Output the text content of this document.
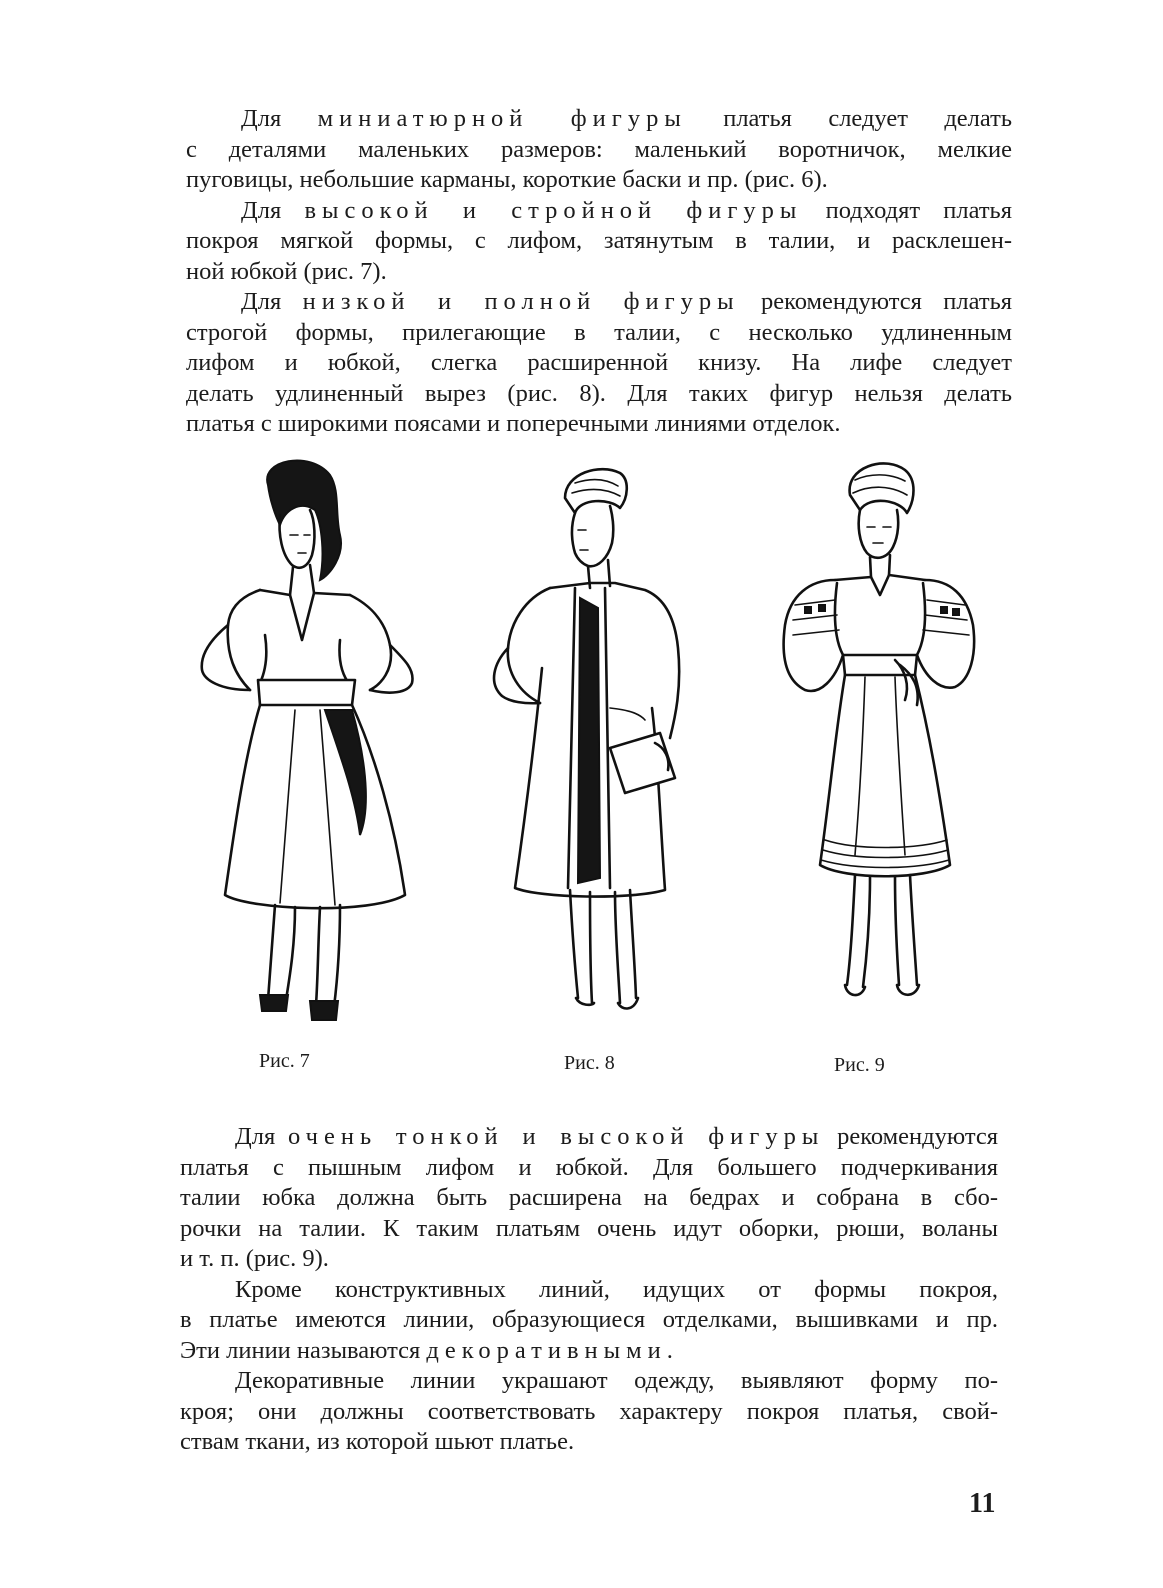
Для миниатюрной фигуры платья следует делать
с деталями маленьких размеров: маленький воротничок, мелкие
пуговицы, небольшие карманы, короткие баски и пр. (рис. 6).

Для высокой и стройной фигуры подходят платья
покроя мягкой формы, с лифом, затянутым в талии, и расклешен-
ной юбкой (рис. 7).

Для низкой и полной фигуры рекомендуются платья
строгой формы, прилегающие в талии, с несколько удлиненным
лифом и юбкой, слегка расширенной книзу. На лифе следует
делать удлиненный вырез (рис. 8). Для таких фигур нельзя делать
платья с широкими поясами и поперечными линиями отделок.

Рис. 7	Рис. 8	Рис. 9

Для очень тонкой и высокой фигуры рекомендуются
платья с пышным лифом и юбкой. Для большего подчеркивания
талии юбка должна быть расширена на бедрах и собрана в сбо-
рочки на талии. К таким платьям очень идут оборки, рюши, воланы
и т. п. (рис. 9).

Кроме конструктивных линий, идущих от формы покроя,
в платье имеются линии, образующиеся отделками, вышивками и пр.
Эти линии называются декоративными.

Декоративные линии украшают одежду, выявляют форму по-
кроя; они должны соответствовать характеру покроя платья, свой-
ствам ткани, из которой шьют платье.

11
